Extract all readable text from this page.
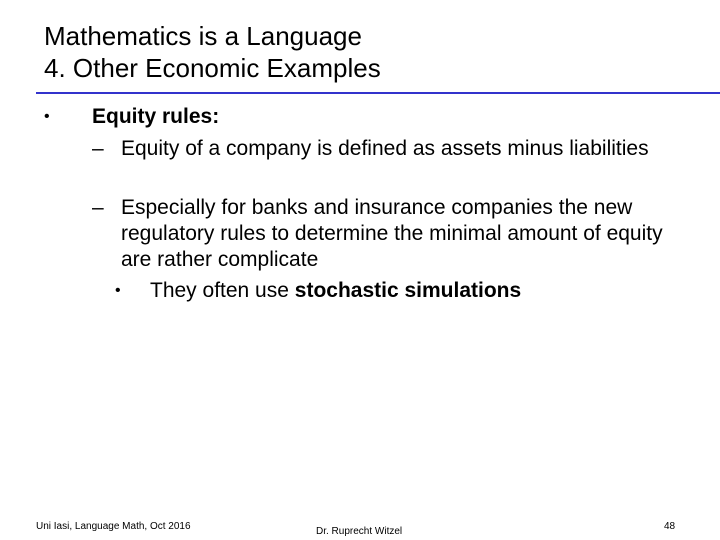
Mathematics is a Language
4. Other Economic Examples
• Equity rules:
– Equity of a company is defined as assets minus liabilities
– Especially for banks and insurance companies the new regulatory rules to determine the minimal amount of equity are rather complicate
• They often use stochastic simulations
Uni Iasi, Language Math, Oct 2016	Dr. Ruprecht Witzel	48
